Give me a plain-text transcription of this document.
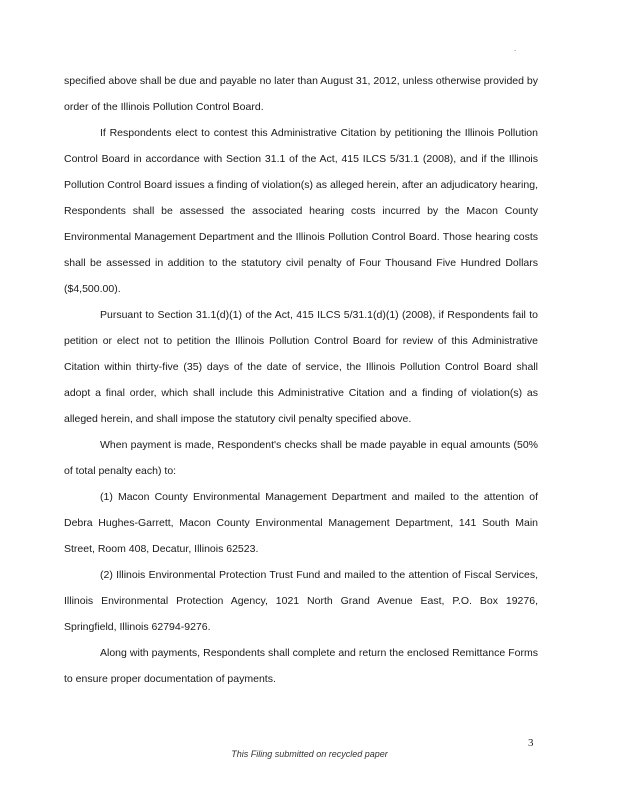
.

specified above shall be due and payable no later than August 31, 2012, unless otherwise provided by order of the Illinois Pollution Control Board.

If Respondents elect to contest this Administrative Citation by petitioning the Illinois Pollution Control Board in accordance with Section 31.1 of the Act, 415 ILCS 5/31.1 (2008), and if the Illinois Pollution Control Board issues a finding of violation(s) as alleged herein, after an adjudicatory hearing, Respondents shall be assessed the associated hearing costs incurred by the Macon County Environmental Management Department and the Illinois Pollution Control Board. Those hearing costs shall be assessed in addition to the statutory civil penalty of Four Thousand Five Hundred Dollars ($4,500.00).

Pursuant to Section 31.1(d)(1) of the Act, 415 ILCS 5/31.1(d)(1) (2008), if Respondents fail to petition or elect not to petition the Illinois Pollution Control Board for review of this Administrative Citation within thirty-five (35) days of the date of service, the Illinois Pollution Control Board shall adopt a final order, which shall include this Administrative Citation and a finding of violation(s) as alleged herein, and shall impose the statutory civil penalty specified above.

When payment is made, Respondent's checks shall be made payable in equal amounts (50% of total penalty each) to:

(1) Macon County Environmental Management Department and mailed to the attention of Debra Hughes-Garrett, Macon County Environmental Management Department, 141 South Main Street, Room 408, Decatur, Illinois 62523.

(2) Illinois Environmental Protection Trust Fund and mailed to the attention of Fiscal Services, Illinois Environmental Protection Agency, 1021 North Grand Avenue East, P.O. Box 19276, Springfield, Illinois 62794-9276.

Along with payments, Respondents shall complete and return the enclosed Remittance Forms to ensure proper documentation of payments.

3
This Filing submitted on recycled paper
